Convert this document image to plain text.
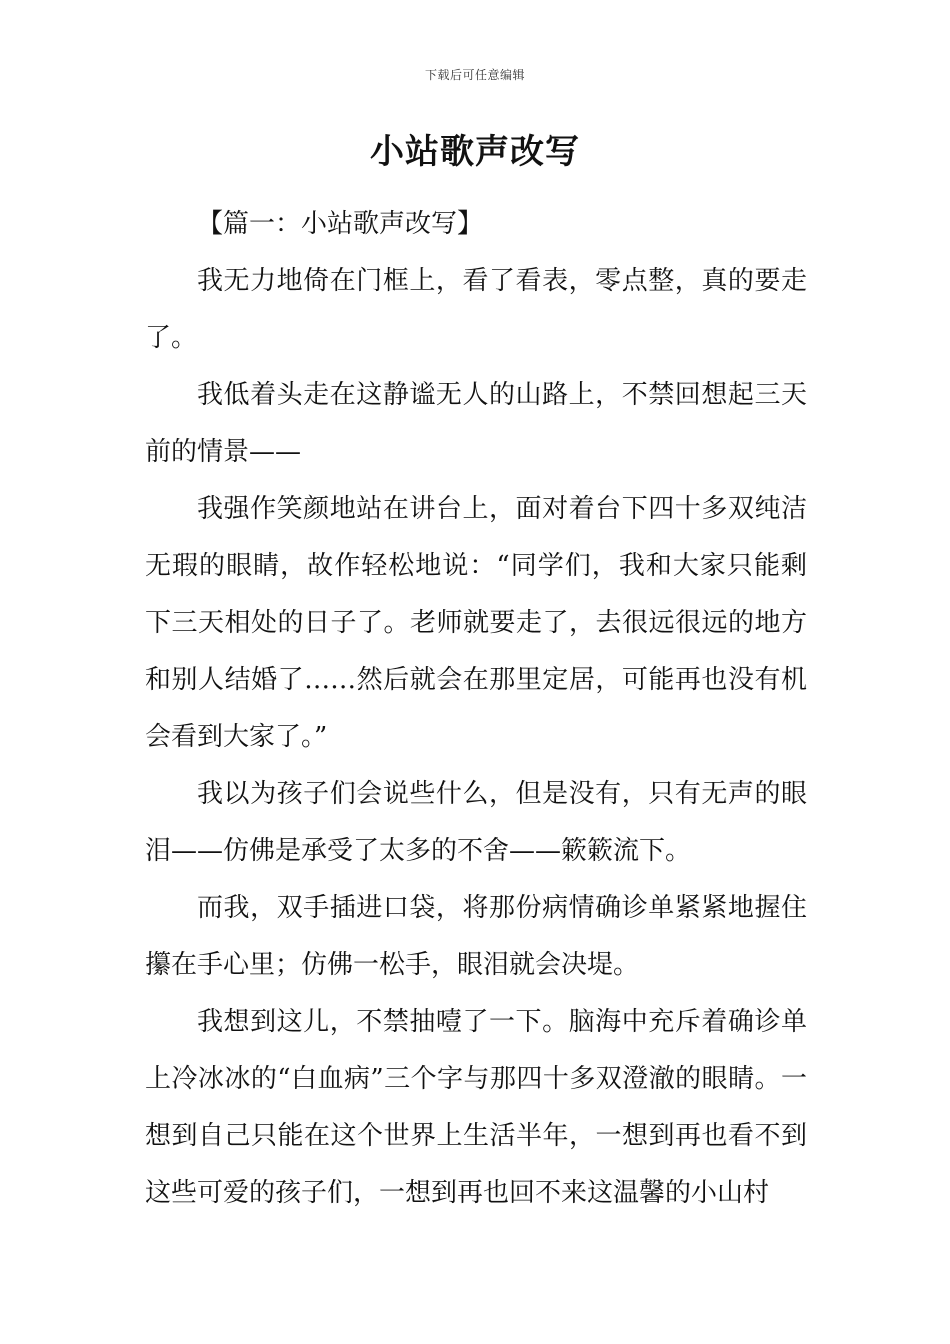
下载后可任意编辑
小站歌声改写

【篇一：小站歌声改写】

我无力地倚在门框上，看了看表，零点整，真的要走了。

我低着头走在这静谧无人的山路上，不禁回想起三天前的情景——

我强作笑颜地站在讲台上，面对着台下四十多双纯洁无瑕的眼睛，故作轻松地说：“同学们，我和大家只能剩下三天相处的日子了。老师就要走了，去很远很远的地方和别人结婚了……然后就会在那里定居，可能再也没有机会看到大家了。”

我以为孩子们会说些什么，但是没有，只有无声的眼泪——仿佛是承受了太多的不舍——簌簌流下。

而我，双手插进口袋，将那份病情确诊单紧紧地握住攥在手心里；仿佛一松手，眼泪就会决堤。

我想到这儿，不禁抽噎了一下。脑海中充斥着确诊单上冷冰冰的“白血病”三个字与那四十多双澄澈的眼睛。一想到自己只能在这个世界上生活半年，一想到再也看不到这些可爱的孩子们，一想到再也回不来这温馨的小山村
